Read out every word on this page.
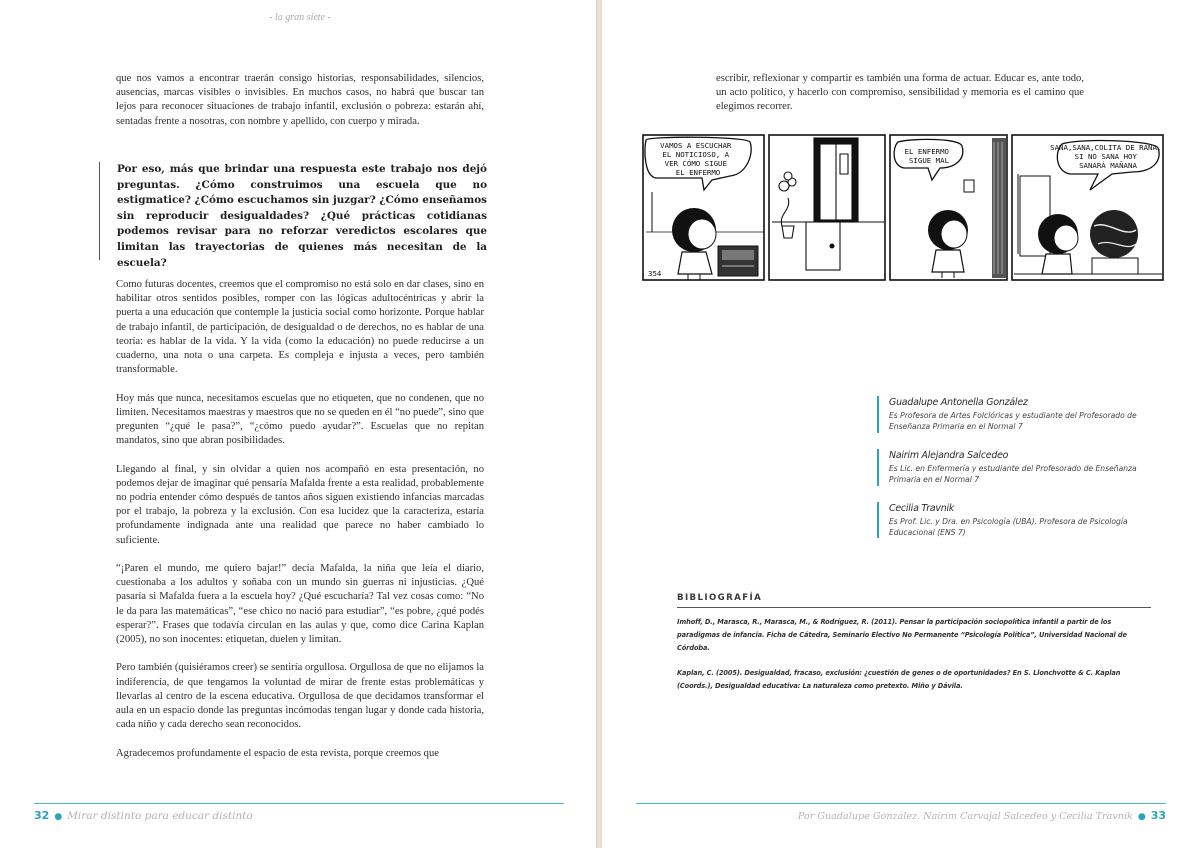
- la gran siete -

que nos vamos a encontrar traerán consigo historias, responsabilidades, silencios, ausencias, marcas visibles o invisibles. En muchos casos, no habrá que buscar tan lejos para reconocer situaciones de trabajo infantil, exclusión o pobreza: estarán ahí, sentadas frente a nosotras, con nombre y apellido, con cuerpo y mirada.

Por eso, más que brindar una respuesta este trabajo nos dejó preguntas. ¿Cómo construimos una escuela que no estigmatice? ¿Cómo escuchamos sin juzgar? ¿Cómo enseñamos sin reproducir desigualdades? ¿Qué prácticas cotidianas podemos revisar para no reforzar veredictos escolares que limitan las trayectorias de quienes más necesitan de la escuela?

Como futuras docentes, creemos que el compromiso no está solo en dar clases, sino en habilitar otros sentidos posibles, romper con las lógicas adultocéntricas y abrir la puerta a una educación que contemple la justicia social como horizonte. Porque hablar de trabajo infantil, de participación, de desigualdad o de derechos, no es hablar de una teoría: es hablar de la vida. Y la vida (como la educación) no puede reducirse a un cuaderno, una nota o una carpeta. Es compleja e injusta a veces, pero también transformable.

Hoy más que nunca, necesitamos escuelas que no etiqueten, que no condenen, que no limiten. Necesitamos maestras y maestros que no se queden en él “no puede”, sino que pregunten “¿qué le pasa?”, “¿cómo puedo ayudar?”. Escuelas que no repitan mandatos, sino que abran posibilidades.

Llegando al final, y sin olvidar a quien nos acompañó en esta presentación, no podemos dejar de imaginar qué pensaría Mafalda frente a esta realidad, probablemente no podría entender cómo después de tantos años siguen existiendo infancias marcadas por el trabajo, la pobreza y la exclusión. Con esa lucidez que la caracteriza, estaría profundamente indignada ante una realidad que parece no haber cambiado lo suficiente.

“¡Paren el mundo, me quiero bajar!” decía Mafalda, la niña que leía el diario, cuestionaba a los adultos y soñaba con un mundo sin guerras ni injusticias. ¿Qué pasaría si Mafalda fuera a la escuela hoy? ¿Qué escucharía? Tal vez cosas como: “No le da para las matemáticas”, “ese chico no nació para estudiar”, “es pobre, ¿qué podés esperar?”. Frases que todavía circulan en las aulas y que, como dice Carina Kaplan (2005), no son inocentes: etiquetan, duelen y limitan.

Pero también (quisiéramos creer) se sentiría orgullosa. Orgullosa de que no elijamos la indiferencia, de que tengamos la voluntad de mirar de frente estas problemáticas y llevarlas al centro de la escena educativa. Orgullosa de que decidamos transformar el aula en un espacio donde las preguntas incómodas tengan lugar y donde cada historia, cada niño y cada derecho sean reconocidos.

Agradecemos profundamente el espacio de esta revista, porque creemos que

32 ● Mirar distinto para educar distinto

escribir, reflexionar y compartir es también una forma de actuar. Educar es, ante todo, un acto político, y hacerlo con compromiso, sensibilidad y memoria es el camino que elegimos recorrer.

VAMOS A ESCUCHAR EL NOTICIOSO, A VER CÓMO SIGUE EL ENFERMO
354
EL ENFERMO SIGUE MAL
SANA,SANA,COLITA DE RANA, SI NO SANA HOY SANARÁ MAÑANA
Guadalupe Antonella González
Es Profesora de Artes Folclóricas y estudiante del Profesorado de Enseñanza Primaria en el Normal 7
Nairim Alejandra Salcedeo
Es Lic. en Enfermería y estudiante del Profesorado de Enseñanza Primaria en el Normal 7
Cecilia Travnik
Es Prof. Lic. y Dra. en Psicología (UBA). Profesora de Psicología Educacional (ENS 7)
BIBLIOGRAFÍA
Imhoff, D., Marasca, R., Marasca, M., & Rodríguez, R. (2011). Pensar la participación sociopolítica infantil a partir de los paradigmas de infancia. Ficha de Cátedra, Seminario Electivo No Permanente “Psicología Política”, Universidad Nacional de Córdoba.
Kaplan, C. (2005). Desigualdad, fracaso, exclusión: ¿cuestión de genes o de oportunidades? En S. Llonchvotte & C. Kaplan (Coords.), Desigualdad educativa: La naturaleza como pretexto. Miño y Dávila.
Por Guadalupe González. Nairim Carvajal Salcedeo y Cecilia Travnik ● 33
